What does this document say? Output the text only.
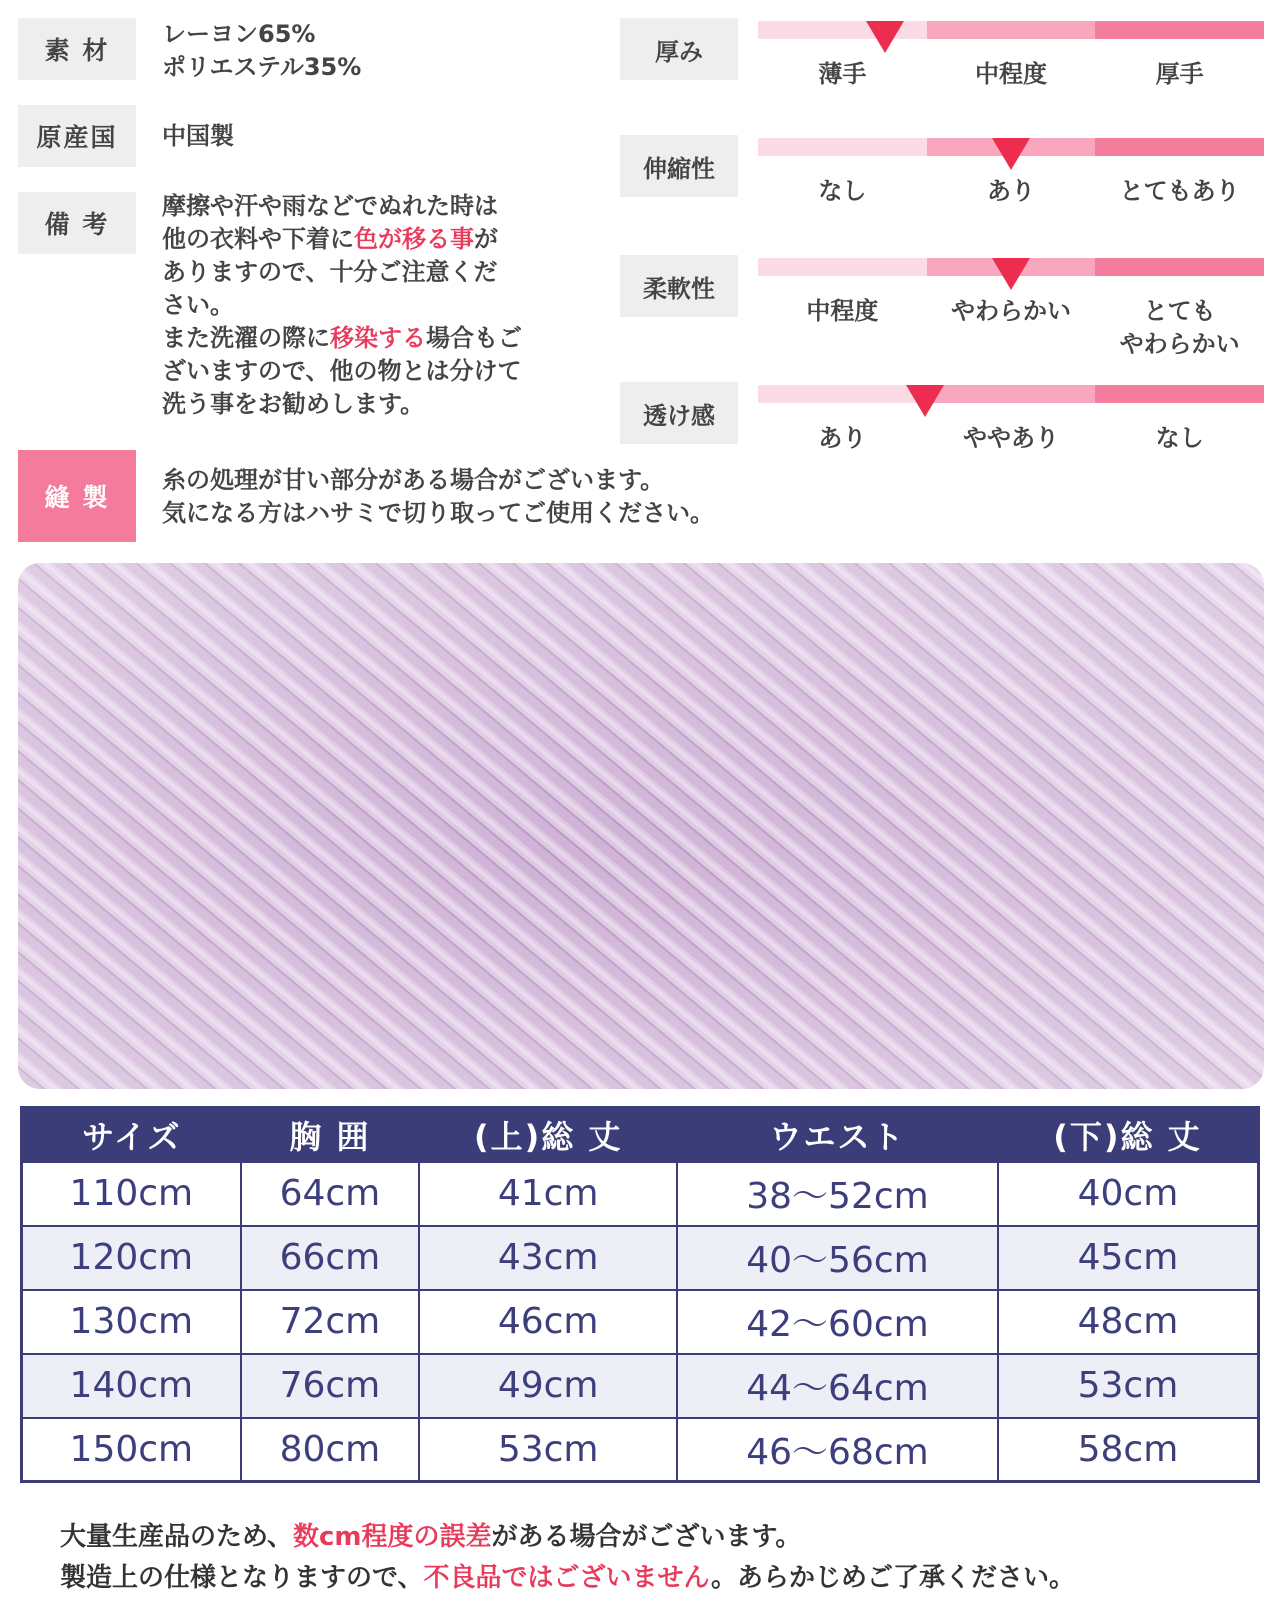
素 材
レーヨン65%
ポリエステル35%
原産国	中国製
備 考
摩擦や汗や雨などでぬれた時は
他の衣料や下着に色が移る事が
ありますので、十分ご注意くだ
さい。
また洗濯の際に移染する場合もご
ざいますので、他の物とは分けて
洗う事をお勧めします。
縫 製
糸の処理が甘い部分がある場合がございます。
気になる方はハサミで切り取ってご使用ください。
厚み
薄手	中程度	厚手
伸縮性
なし	あり	とてもあり
柔軟性
中程度	やわらかい	とても
やわらかい
透け感
あり	ややあり	なし
サイズ	胸 囲	(上)総 丈	ウエスト	(下)総 丈
110cm	64cm	41cm	38〜52cm	40cm
120cm	66cm	43cm	40〜56cm	45cm
130cm	72cm	46cm	42〜60cm	48cm
140cm	76cm	49cm	44〜64cm	53cm
150cm	80cm	53cm	46〜68cm	58cm
大量生産品のため、数cm程度の誤差がある場合がございます。
製造上の仕様となりますので、不良品ではございません。あらかじめご了承ください。
